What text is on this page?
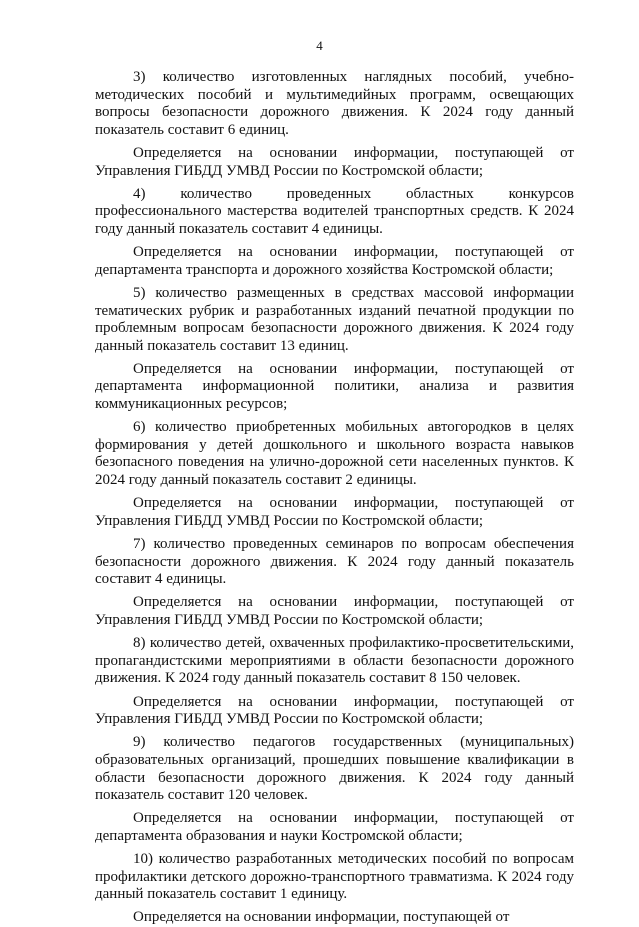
4

3) количество изготовленных наглядных пособий, учебно-методических пособий и мультимедийных программ, освещающих вопросы безопасности дорожного движения. К 2024 году данный показатель составит 6 единиц.

Определяется на основании информации, поступающей от Управления ГИБДД УМВД России по Костромской области;

4) количество проведенных областных конкурсов профессионального мастерства водителей транспортных средств. К 2024 году данный показатель составит 4 единицы.

Определяется на основании информации, поступающей от департамента транспорта и дорожного хозяйства Костромской области;

5) количество размещенных в средствах массовой информации тематических рубрик и разработанных изданий печатной продукции по проблемным вопросам безопасности дорожного движения. К 2024 году данный показатель составит 13 единиц.

Определяется на основании информации, поступающей от департамента информационной политики, анализа и развития коммуникационных ресурсов;

6) количество приобретенных мобильных автогородков в целях формирования у детей дошкольного и школьного возраста навыков безопасного поведения на улично-дорожной сети населенных пунктов. К 2024 году данный показатель составит 2 единицы.

Определяется на основании информации, поступающей от Управления ГИБДД УМВД России по Костромской области;

7) количество проведенных семинаров по вопросам обеспечения безопасности дорожного движения. К 2024 году данный показатель составит 4 единицы.

Определяется на основании информации, поступающей от Управления ГИБДД УМВД России по Костромской области;

8) количество детей, охваченных профилактико-просветительскими, пропагандистскими мероприятиями в области безопасности дорожного движения. К 2024 году данный показатель составит 8 150 человек.

Определяется на основании информации, поступающей от Управления ГИБДД УМВД России по Костромской области;

9) количество педагогов государственных (муниципальных) образовательных организаций, прошедших повышение квалификации в области безопасности дорожного движения. К 2024 году данный показатель составит 120 человек.

Определяется на основании информации, поступающей от департамента образования и науки Костромской области;

10) количество разработанных методических пособий по вопросам профилактики детского дорожно-транспортного травматизма. К 2024 году данный показатель составит 1 единицу.

Определяется на основании информации, поступающей от
